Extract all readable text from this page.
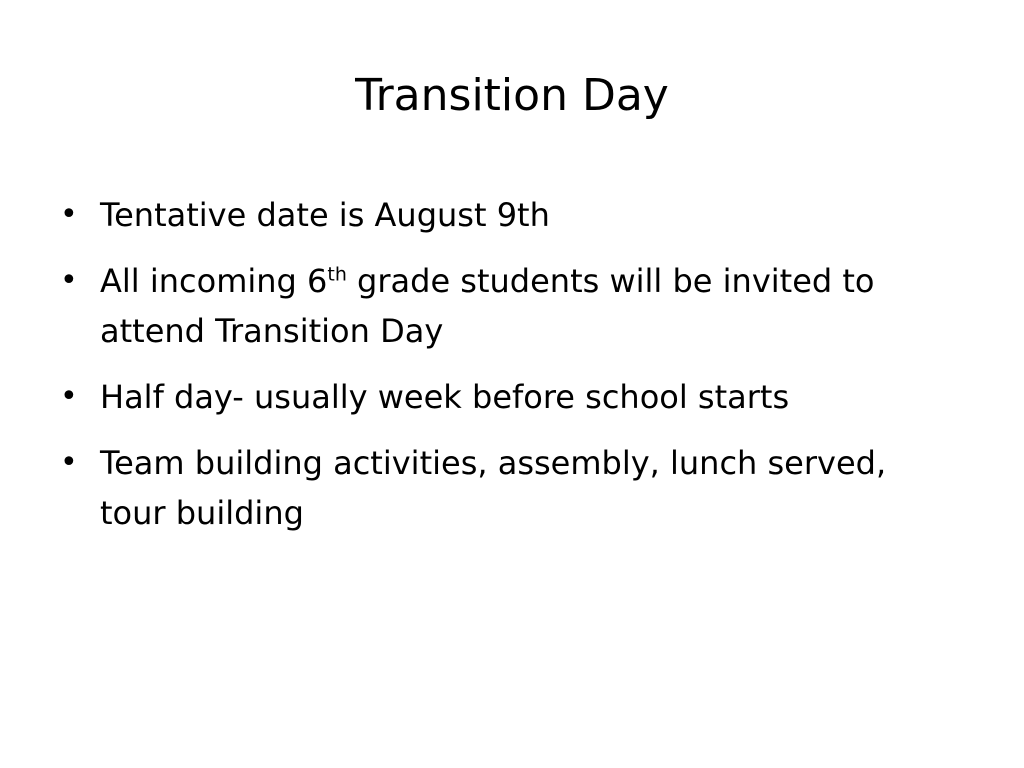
Transition Day
• Tentative date is August 9th
• All incoming 6th grade students will be invited to attend Transition Day
• Half day- usually week before school starts
• Team building activities, assembly, lunch served, tour building
